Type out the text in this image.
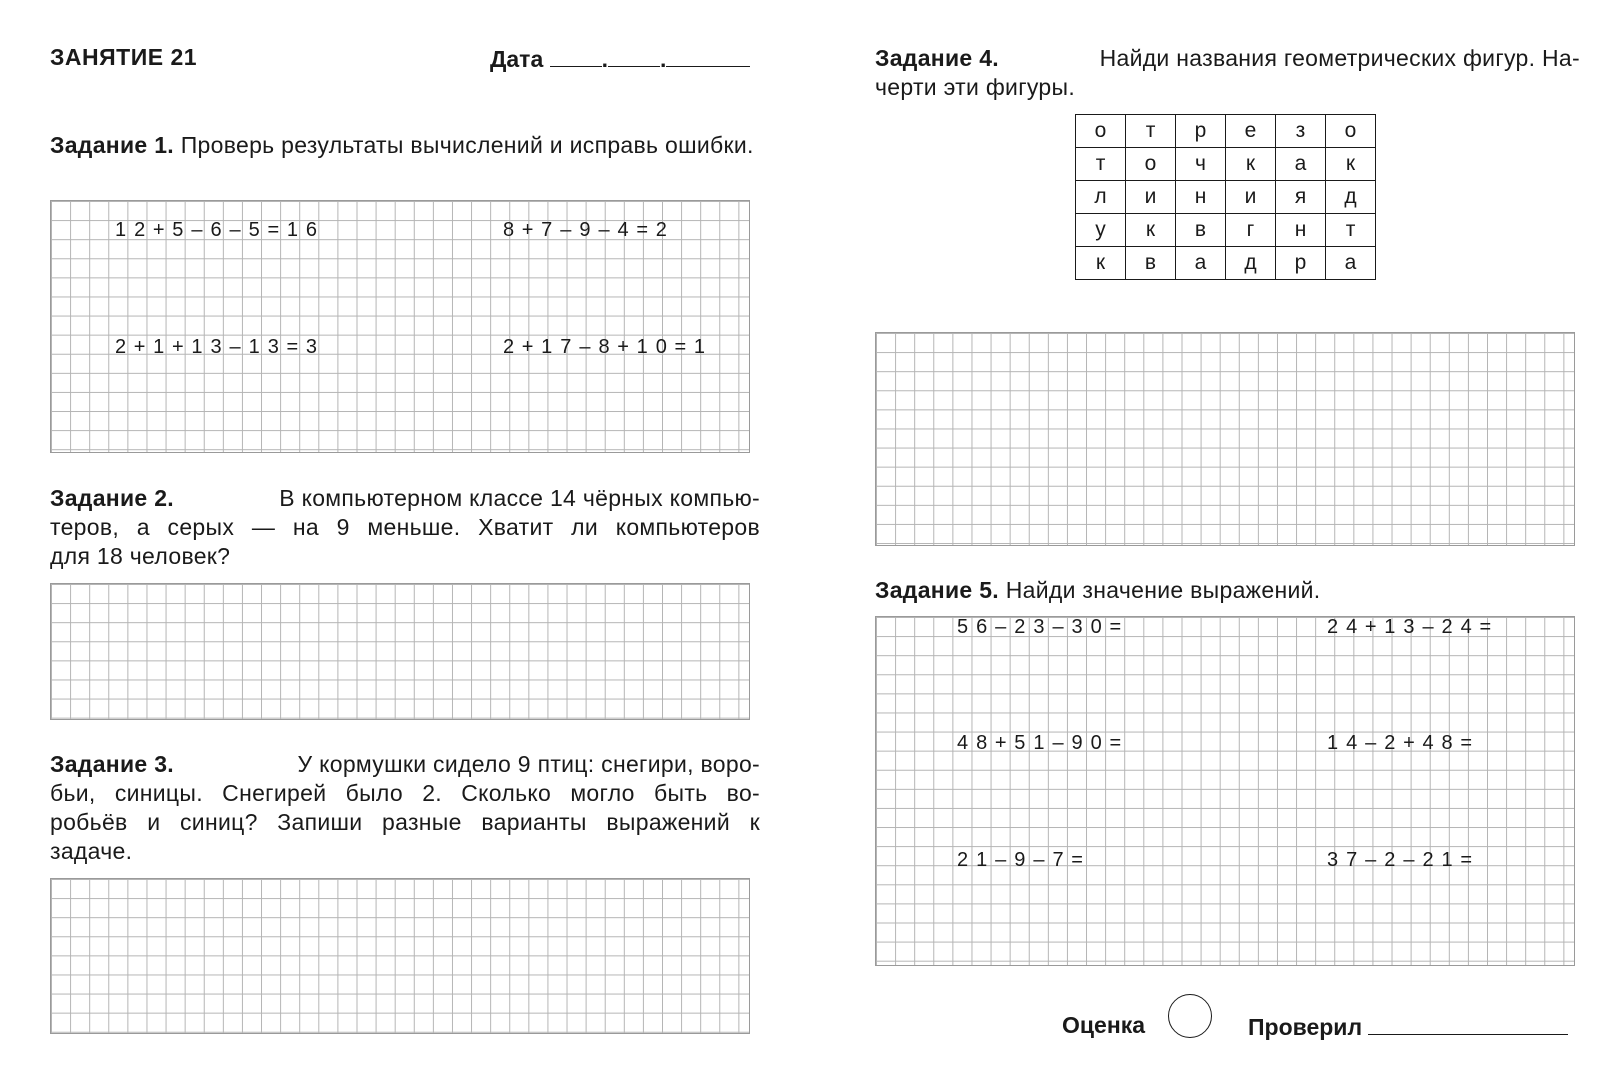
ЗАНЯТИЕ 21	Дата	. .
Задание 1. Проверь результаты вычислений и исправь ошибки.
1 2 + 5 – 6 – 5 = 1 6	8 + 7 – 9 – 4 = 2
2 + 1 + 1 3 – 1 3 = 3	2 + 1 7 – 8 + 1 0 = 1
Задание 2.	В компьютерном классе 14 чёрных компью-
теров, а серых — на 9 меньше. Хватит ли компьютеров
для 18 человек?
Задание 3.	У кормушки сидело 9 птиц: снегири, воро-
бьи, синицы. Снегирей было 2. Сколько могло быть во-
робьёв и синиц? Запиши разные варианты выражений к
задаче.
Задание 4.	Найди названия геометрических фигур. На-
черти эти фигуры.
о	т	р	е	з	о
т	о	ч	к	а	к
л	и	н	и	я	д
у	к	в	г	н	т
к	в	а	д	р	а
Задание 5. Найди значение выражений.
5 6 – 2 3 – 3 0 =	2 4 + 1 3 – 2 4 =
4 8 + 5 1 – 9 0 =	1 4 – 2 + 4 8 =
2 1 – 9 – 7 =	3 7 – 2 – 2 1 =
Оценка	Проверил
